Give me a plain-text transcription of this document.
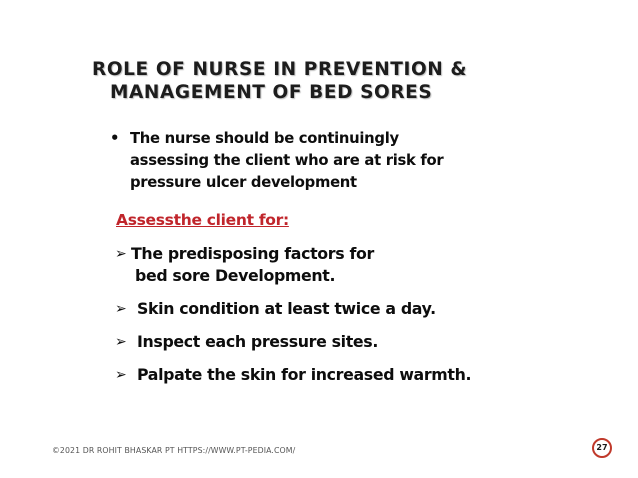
ROLE OF NURSE IN PREVENTION &
MANAGEMENT OF BED SORES
• The nurse should be continuingly
assessing the client who are at risk for
pressure ulcer development
Assessthe client for:
➢ The predisposing factors for
bed sore Development.
➢ Skin condition at least twice a day.
➢ Inspect each pressure sites.
➢ Palpate the skin for increased warmth.
©2021 DR ROHIT BHASKAR PT HTTPS://WWW.PT-PEDIA.COM/	27
